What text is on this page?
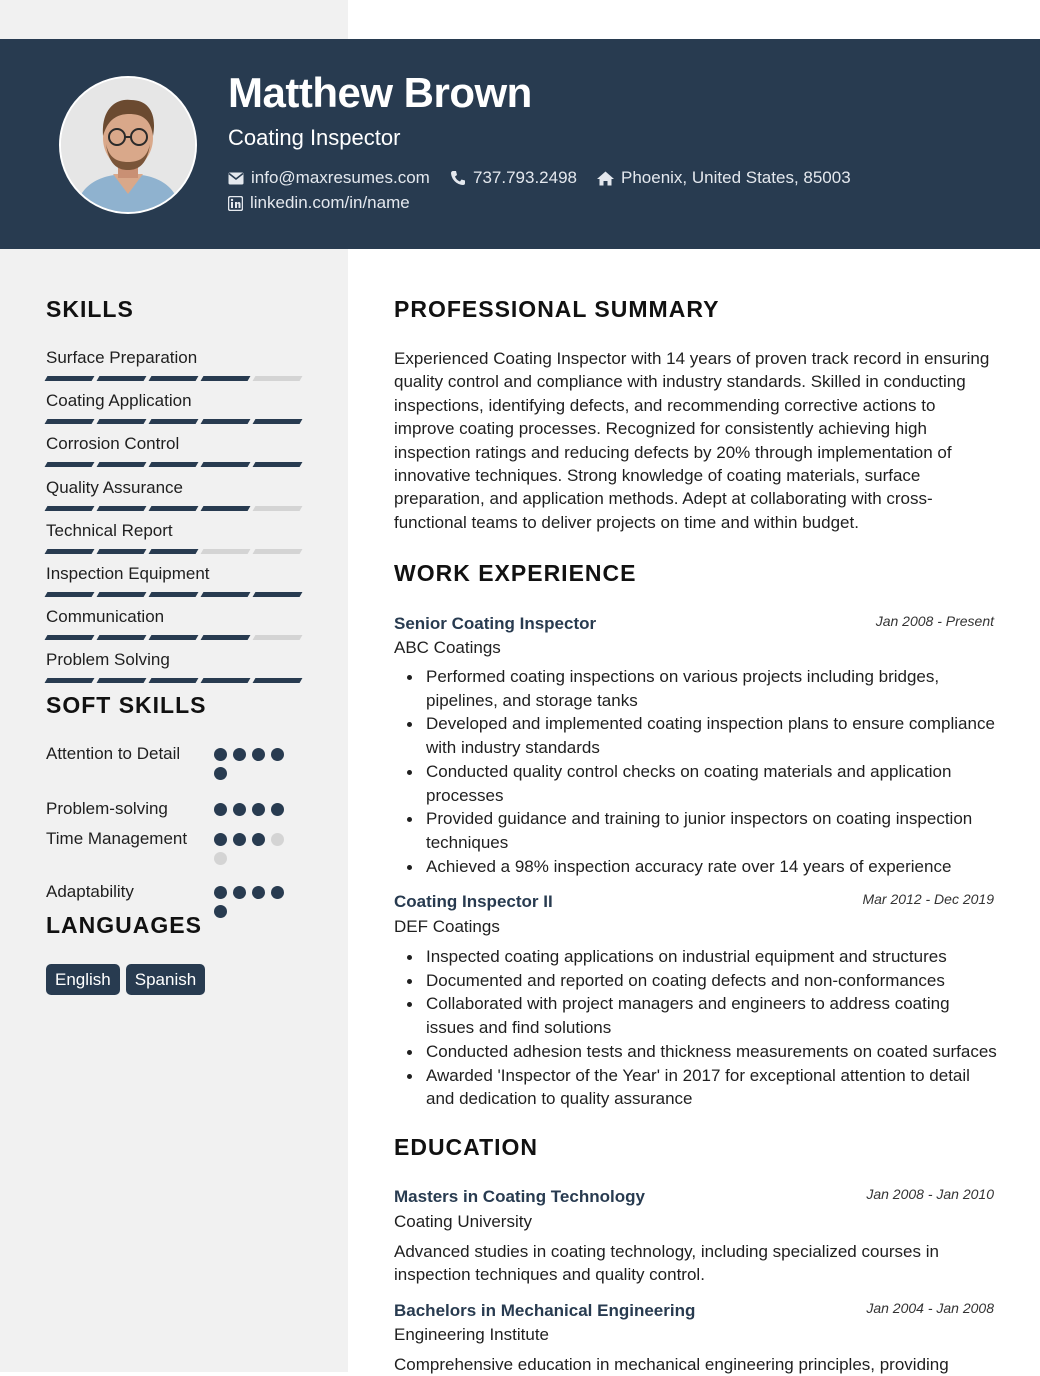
Matthew Brown
Coating Inspector
info@maxresumes.com	737.793.2498	Phoenix, United States, 85003
linkedin.com/in/name
SKILLS
Surface Preparation
Coating Application
Corrosion Control
Quality Assurance
Technical Report
Inspection Equipment
Communication
Problem Solving
SOFT SKILLS
Attention to Detail
Problem-solving
Time Management
Adaptability
LANGUAGES
English	Spanish
PROFESSIONAL SUMMARY
Experienced Coating Inspector with 14 years of proven track record in ensuring quality control and compliance with industry standards. Skilled in conducting inspections, identifying defects, and recommending corrective actions to improve coating processes. Recognized for consistently achieving high inspection ratings and reducing defects by 20% through implementation of innovative techniques. Strong knowledge of coating materials, surface preparation, and application methods. Adept at collaborating with cross-functional teams to deliver projects on time and within budget.
WORK EXPERIENCE
Senior Coating Inspector	Jan 2008 - Present
ABC Coatings
Performed coating inspections on various projects including bridges, pipelines, and storage tanks
Developed and implemented coating inspection plans to ensure compliance with industry standards
Conducted quality control checks on coating materials and application processes
Provided guidance and training to junior inspectors on coating inspection techniques
Achieved a 98% inspection accuracy rate over 14 years of experience
Coating Inspector II	Mar 2012 - Dec 2019
DEF Coatings
Inspected coating applications on industrial equipment and structures
Documented and reported on coating defects and non-conformances
Collaborated with project managers and engineers to address coating issues and find solutions
Conducted adhesion tests and thickness measurements on coated surfaces
Awarded 'Inspector of the Year' in 2017 for exceptional attention to detail and dedication to quality assurance
EDUCATION
Masters in Coating Technology	Jan 2008 - Jan 2010
Coating University
Advanced studies in coating technology, including specialized courses in inspection techniques and quality control.
Bachelors in Mechanical Engineering	Jan 2004 - Jan 2008
Engineering Institute
Comprehensive education in mechanical engineering principles, providing
